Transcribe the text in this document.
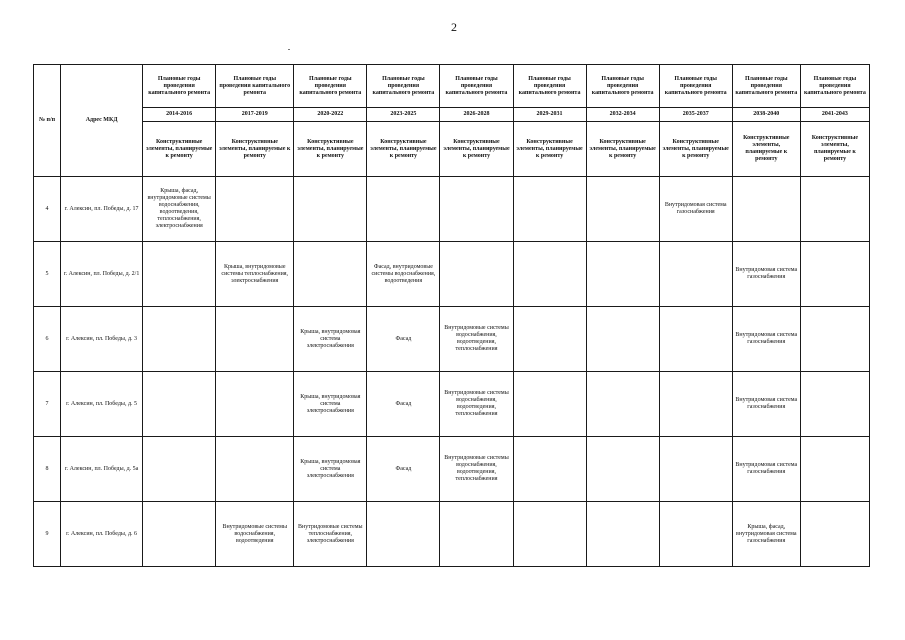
2
№ п/п	Адрес МКД	Плановые годы проведения капитального ремонта	Плановые годы проведения капитального ремонта	Плановые годы проведения капитального ремонта	Плановые годы проведения капитального ремонта	Плановые годы проведения капитального ремонта	Плановые годы проведения капитального ремонта	Плановые годы проведения капитального ремонта	Плановые годы проведения капитального ремонта	Плановые годы проведения капитального ремонта	Плановые годы проведения капитального ремонта
		2014-2016	2017-2019	2020-2022	2023-2025	2026-2028	2029-2031	2032-2034	2035-2037	2038-2040	2041-2043
		Конструктивные элементы, планируемые к ремонту	Конструктивные элементы, планируемые к ремонту	Конструктивные элементы, планируемые к ремонту	Конструктивные элементы, планируемые к ремонту	Конструктивные элементы, планируемые к ремонту	Конструктивные элементы, планируемые к ремонту	Конструктивные элементы, планируемые к ремонту	Конструктивные элементы, планируемые к ремонту	Конструктивные элементы, планируемые к ремонту	Конструктивные элементы, планируемые к ремонту
4	г. Алексин, пл. Победы, д. 17	Крыша, фасад, внутридомовые системы водоснабжения, водоотведения, теплоснабжения, электроснабжения							Внутридомовая система газоснабжения		
5	г. Алексин, пл. Победы, д. 2/1		Крыша, внутридомовые системы теплоснабжения, электроснабжения		Фасад, внутридомовые системы водоснабжения, водоотведения					Внутридомовая система газоснабжения	
6	г. Алексин, пл. Победы, д. 3			Крыша, внутридомовая система электроснабжения	Фасад	Внутридомовые системы водоснабжения, водоотведения, теплоснабжения				Внутридомовая система газоснабжения	
7	г. Алексин, пл. Победы, д. 5			Крыша, внутридомовая система электроснабжения	Фасад	Внутридомовые системы водоснабжения, водоотведения, теплоснабжения				Внутридомовая система газоснабжения	
8	г. Алексин, пл. Победы, д. 5а			Крыша, внутридомовая система электроснабжения	Фасад	Внутридомовые системы водоснабжения, водоотведения, теплоснабжения				Внутридомовая система газоснабжения	
9	г. Алексин, пл. Победы, д. 6		Внутридомовые системы водоснабжения, водоотведения	Внутридомовые системы теплоснабжения, электроснабжения						Крыша, фасад, внутридомовая система газоснабжения	
